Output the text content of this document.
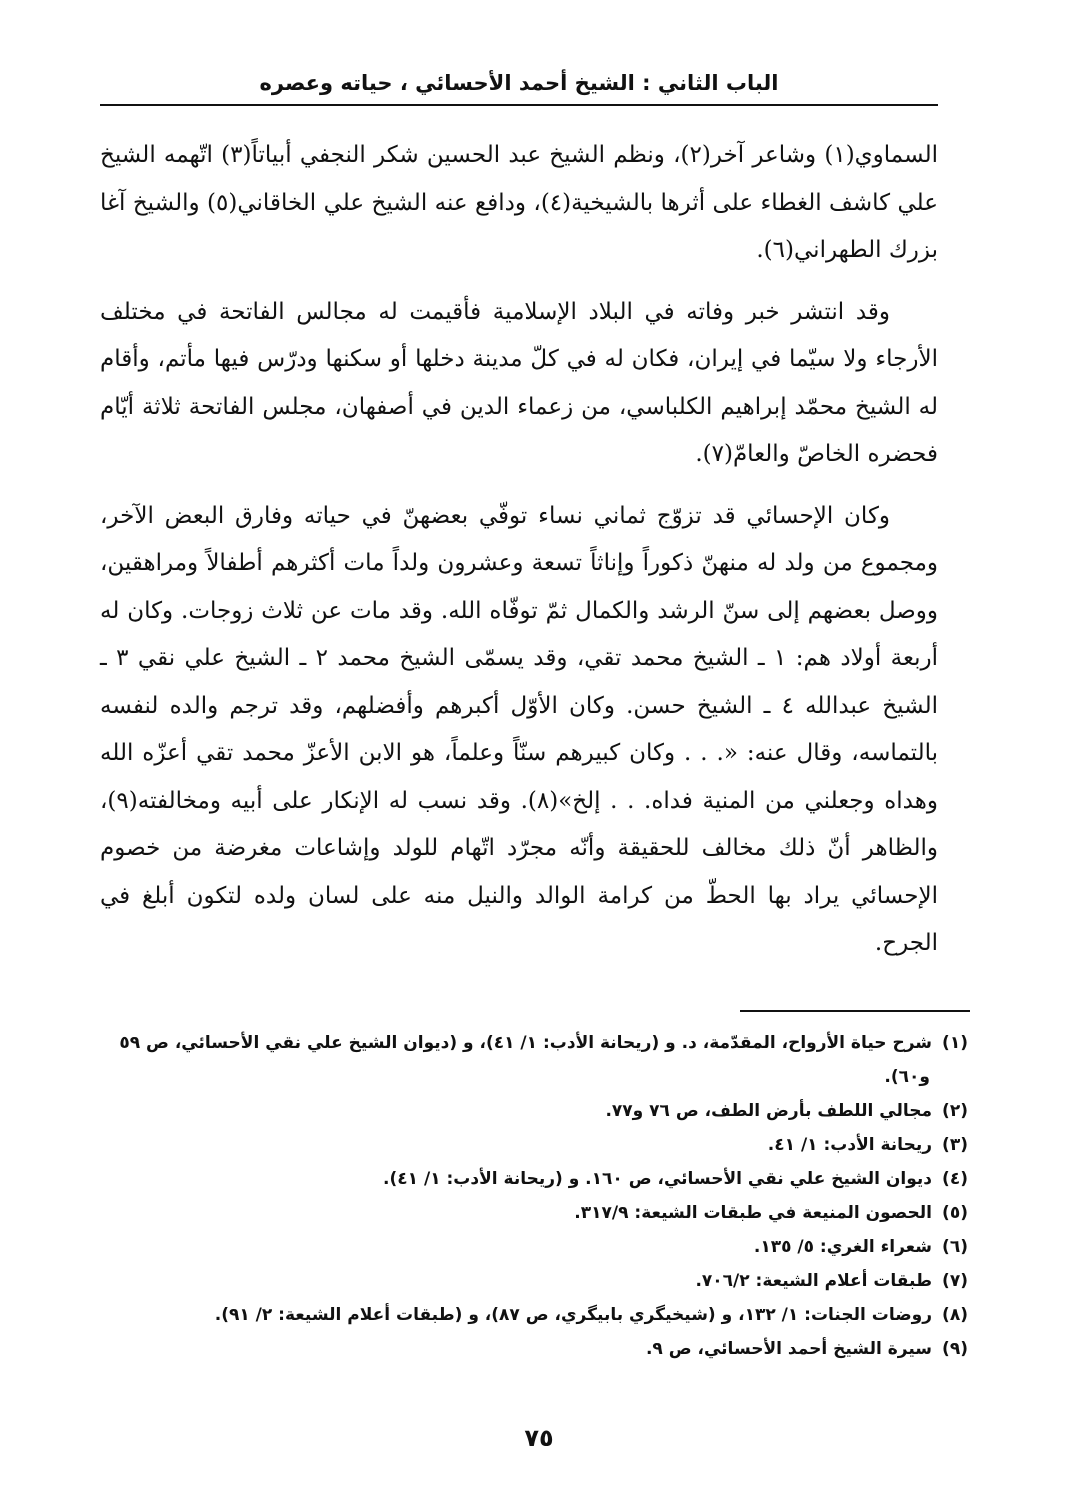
الباب الثاني : الشيخ أحمد الأحسائي ، حياته وعصره

السماوي(١) وشاعر آخر(٢)، ونظم الشيخ عبد الحسين شكر النجفي أبياتاً(٣) اتّهمه الشيخ علي كاشف الغطاء على أثرها بالشيخية(٤)، ودافع عنه الشيخ علي الخاقاني(٥) والشيخ آغا بزرك الطهراني(٦).

وقد انتشر خبر وفاته في البلاد الإسلامية فأقيمت له مجالس الفاتحة في مختلف الأرجاء ولا سيّما في إيران، فكان له في كلّ مدينة دخلها أو سكنها ودرّس فيها مأتم، وأقام له الشيخ محمّد إبراهيم الكلباسي، من زعماء الدين في أصفهان، مجلس الفاتحة ثلاثة أيّام فحضره الخاصّ والعامّ(٧).

وكان الإحسائي قد تزوّج ثماني نساء توفّي بعضهنّ في حياته وفارق البعض الآخر، ومجموع من ولد له منهنّ ذكوراً وإناثاً تسعة وعشرون ولداً مات أكثرهم أطفالاً ومراهقين، ووصل بعضهم إلى سنّ الرشد والكمال ثمّ توفّاه الله. وقد مات عن ثلاث زوجات. وكان له أربعة أولاد هم: ١ ـ الشيخ محمد تقي، وقد يسمّى الشيخ محمد ٢ ـ الشيخ علي نقي ٣ ـ الشيخ عبدالله ٤ ـ الشيخ حسن. وكان الأوّل أكبرهم وأفضلهم، وقد ترجم والده لنفسه بالتماسه، وقال عنه: «. . . وكان كبيرهم سنّاً وعلماً، هو الابن الأعزّ محمد تقي أعزّه الله وهداه وجعلني من المنية فداه. . . إلخ»(٨). وقد نسب له الإنكار على أبيه ومخالفته(٩)، والظاهر أنّ ذلك مخالف للحقيقة وأنّه مجرّد اتّهام للولد وإشاعات مغرضة من خصوم الإحسائي يراد بها الحطّ من كرامة الوالد والنيل منه على لسان ولده لتكون أبلغ في الجرح.

(١)شرح حياة الأرواح، المقدّمة، د. و (ريحانة الأدب: ١/ ٤١)، و (ديوان الشيخ علي نقي الأحسائي، ص ٥٩ و٦٠).
(٢)مجالي اللطف بأرض الطف، ص ٧٦ و٧٧.
(٣)ريحانة الأدب: ١/ ٤١.
(٤)ديوان الشيخ علي نقي الأحسائي، ص ١٦٠. و (ريحانة الأدب: ١/ ٤١).
(٥)الحصون المنيعة في طبقات الشيعة: ٣١٧/٩.
(٦)شعراء الغري: ٥/ ١٣٥.
(٧)طبقات أعلام الشيعة: ٧٠٦/٢.
(٨)روضات الجنات: ١/ ١٣٢، و (شيخيگري بابيگري، ص ٨٧)، و (طبقات أعلام الشيعة: ٢/ ٩١).
(٩)سيرة الشيخ أحمد الأحسائي، ص ٩.
٧٥
